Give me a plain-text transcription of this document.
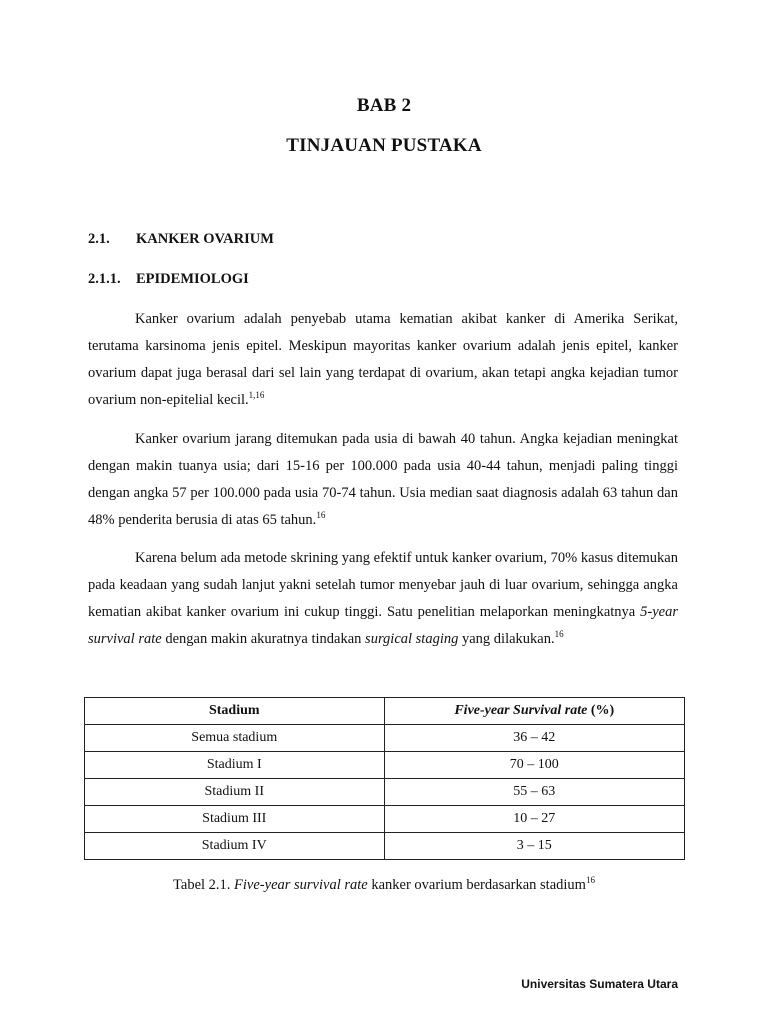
BAB 2
TINJAUAN PUSTAKA
2.1. KANKER OVARIUM
2.1.1. EPIDEMIOLOGI
Kanker ovarium adalah penyebab utama kematian akibat kanker di Amerika Serikat, terutama karsinoma jenis epitel. Meskipun mayoritas kanker ovarium adalah jenis epitel, kanker ovarium dapat juga berasal dari sel lain yang terdapat di ovarium, akan tetapi angka kejadian tumor ovarium non-epitelial kecil.$^{1,16}$
Kanker ovarium jarang ditemukan pada usia di bawah 40 tahun. Angka kejadian meningkat dengan makin tuanya usia; dari 15-16 per 100.000 pada usia 40-44 tahun, menjadi paling tinggi dengan angka 57 per 100.000 pada usia 70-74 tahun. Usia median saat diagnosis adalah 63 tahun dan 48% penderita berusia di atas 65 tahun.$^{16}$
Karena belum ada metode skrining yang efektif untuk kanker ovarium, 70% kasus ditemukan pada keadaan yang sudah lanjut yakni setelah tumor menyebar jauh di luar ovarium, sehingga angka kematian akibat kanker ovarium ini cukup tinggi. Satu penelitian melaporkan meningkatnya 5-year survival rate dengan makin akuratnya tindakan surgical staging yang dilakukan.$^{16}$
Stadium	Five-year Survival rate (%)
Semua stadium	36 – 42
Stadium I	70 – 100
Stadium II	55 – 63
Stadium III	10 – 27
Stadium IV	3 – 15
Tabel 2.1. Five-year survival rate kanker ovarium berdasarkan stadium$^{16}$
Universitas Sumatera Utara
